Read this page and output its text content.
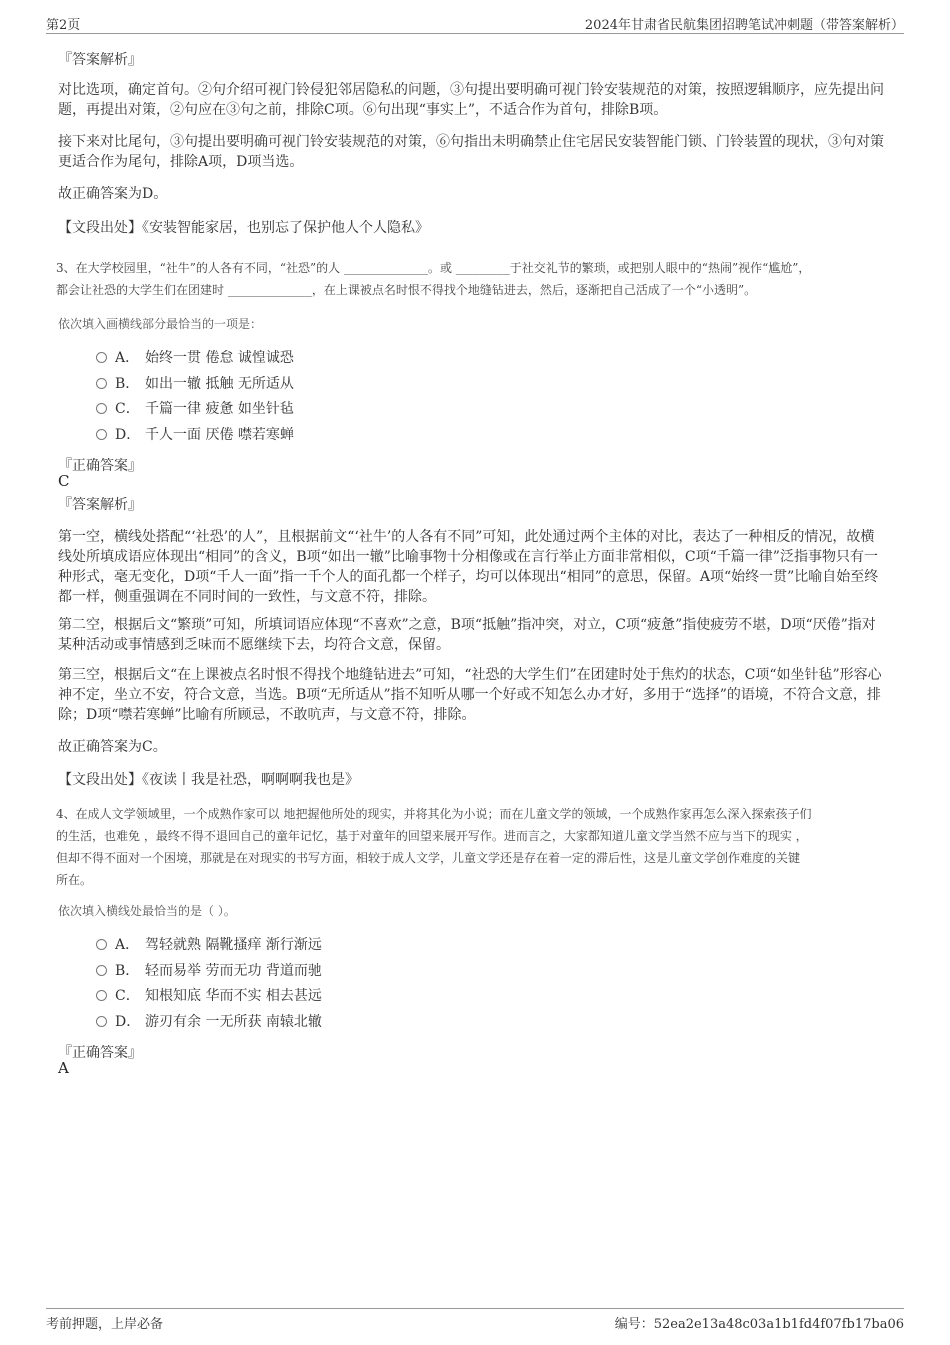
第2页	2024年甘肃省民航集团招聘笔试冲刺题（带答案解析）
『答案解析』

对比选项，确定首句。②句介绍可视门铃侵犯邻居隐私的问题，③句提出要明确可视门铃安装规范的对策，按照逻辑顺序，应先提出问题，再提出对策，②句应在③句之前，排除C项。⑥句出现“事实上”，不适合作为首句，排除B项。

接下来对比尾句，③句提出要明确可视门铃安装规范的对策，⑥句指出未明确禁止住宅居民安装智能门锁、门铃装置的现状，③句对策更适合作为尾句，排除A项，D项当选。

故正确答案为D。

【文段出处】《安装智能家居，也别忘了保护他人个人隐私》

3、在大学校园里，“社牛”的人各有不同，“社恐”的人 ______________。或 _________于社交礼节的繁琐，或把别人眼中的“热闹”视作“尴尬”，

都会让社恐的大学生们在团建时 ______________，在上课被点名时恨不得找个地缝钻进去，然后，逐渐把自己活成了一个“小透明”。

依次填入画横线部分最恰当的一项是：
A． 始终一贯 倦怠 诚惶诚恐
B． 如出一辙 抵触 无所适从
C． 千篇一律 疲惫 如坐针毡
D． 千人一面 厌倦 噤若寒蝉
『正确答案』
C
『答案解析』

第一空，横线处搭配“‘社恐’的人”，且根据前文“‘社牛’的人各有不同”可知，此处通过两个主体的对比，表达了一种相反的情况，故横线处所填成语应体现出“相同”的含义，B项“如出一辙”比喻事物十分相像或在言行举止方面非常相似，C项“千篇一律”泛指事物只有一种形式，毫无变化，D项“千人一面”指一千个人的面孔都一个样子，均可以体现出“相同”的意思，保留。A项“始终一贯”比喻自始至终都一样，侧重强调在不同时间的一致性，与文意不符，排除。

第二空，根据后文“繁琐”可知，所填词语应体现“不喜欢”之意，B项“抵触”指冲突，对立，C项“疲惫”指使疲劳不堪，D项“厌倦”指对某种活动或事情感到乏味而不愿继续下去，均符合文意，保留。

第三空，根据后文“在上课被点名时恨不得找个地缝钻进去”可知，“社恐的大学生们”在团建时处于焦灼的状态，C项“如坐针毡”形容心神不定，坐立不安，符合文意，当选。B项“无所适从”指不知听从哪一个好或不知怎么办才好，多用于“选择”的语境，不符合文意，排除；D项“噤若寒蝉”比喻有所顾忌，不敢吭声，与文意不符，排除。

故正确答案为C。

【文段出处】《夜读丨我是社恐，啊啊啊我也是》

4、在成人文学领域里，一个成熟作家可以 地把握他所处的现实，并将其化为小说；而在儿童文学的领域，一个成熟作家再怎么深入探索孩子们

的生活，也难免 ，最终不得不退回自己的童年记忆，基于对童年的回望来展开写作。进而言之，大家都知道儿童文学当然不应与当下的现实 ，

但却不得不面对一个困境，那就是在对现实的书写方面，相较于成人文学，儿童文学还是存在着一定的滞后性，这是儿童文学创作难度的关键

所在。

依次填入横线处最恰当的是（ ）。
A． 驾轻就熟 隔靴搔痒 渐行渐远
B． 轻而易举 劳而无功 背道而驰
C． 知根知底 华而不实 相去甚远
D． 游刃有余 一无所获 南辕北辙
『正确答案』
A
考前押题，上岸必备	编号：52ea2e13a48c03a1b1fd4f07fb17ba06
